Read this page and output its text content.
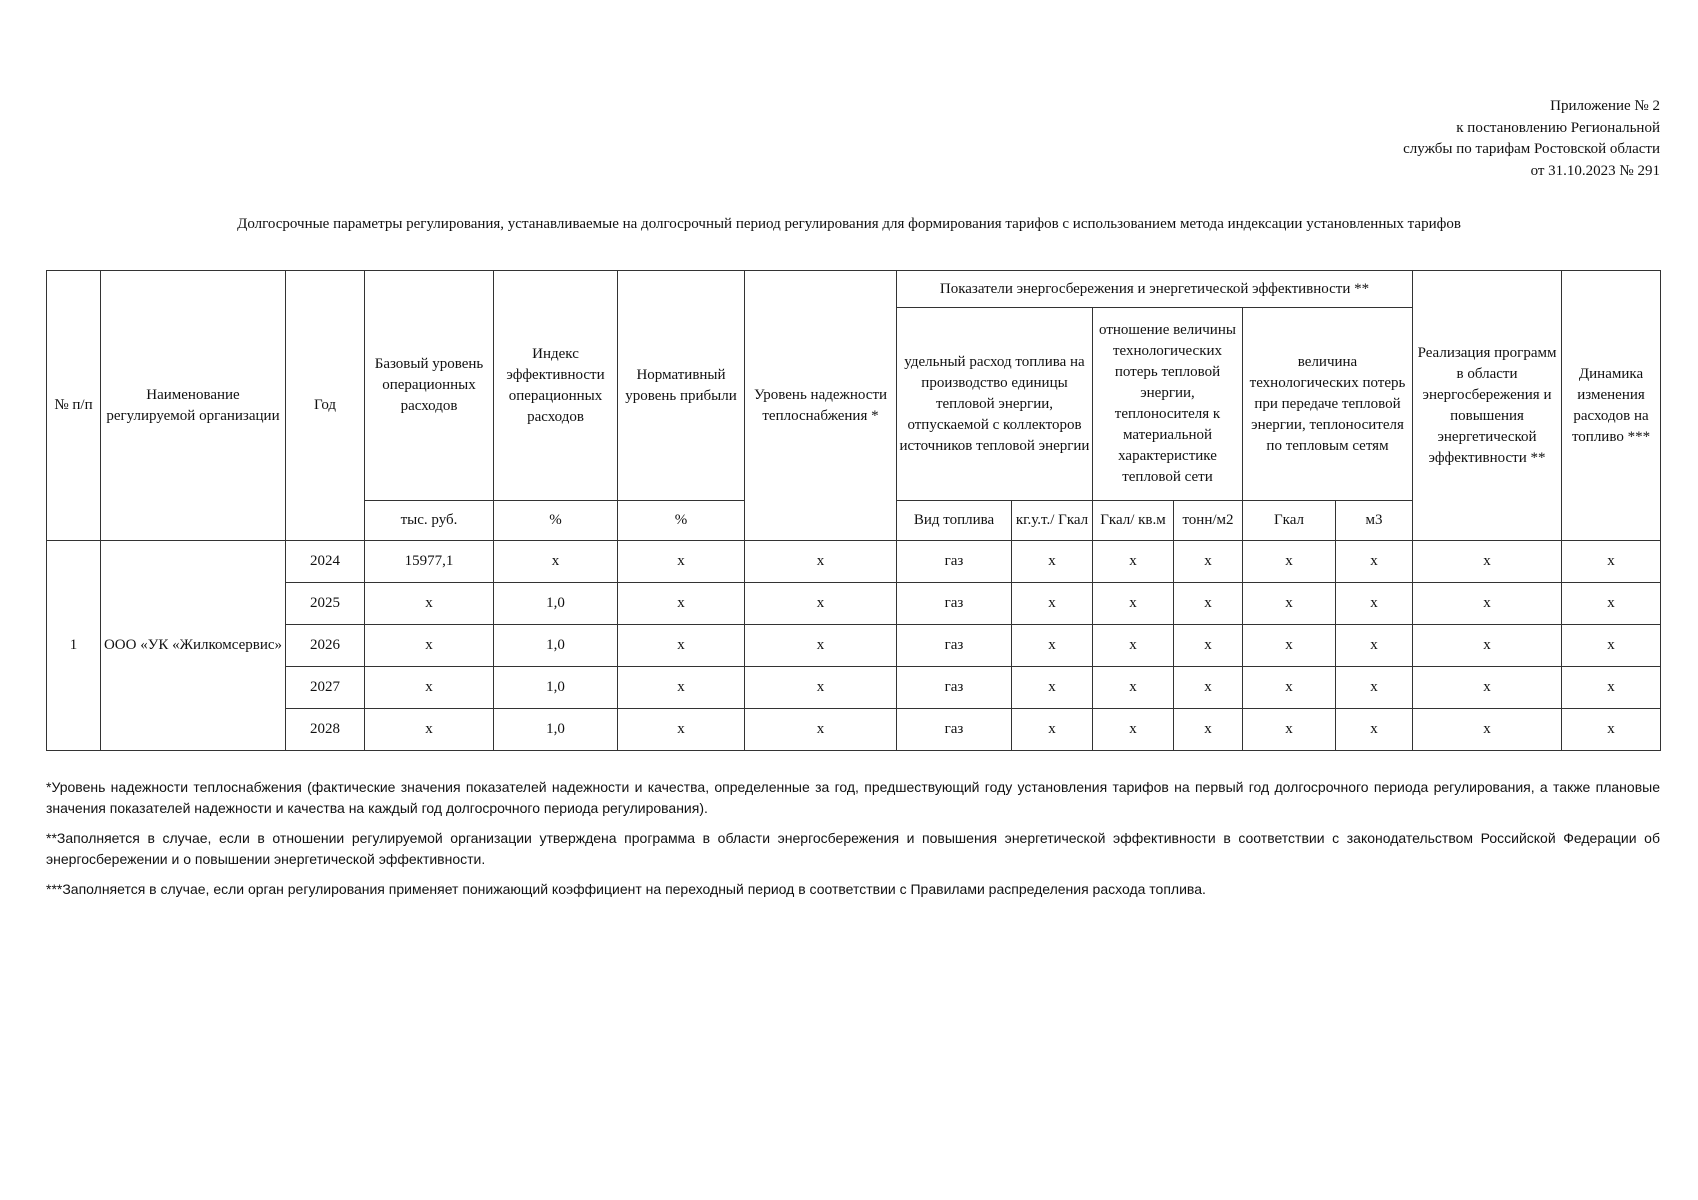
Приложение № 2
к постановлению Региональной
службы по тарифам Ростовской области
от 31.10.2023 № 291
Долгосрочные параметры регулирования, устанавливаемые на долгосрочный период регулирования для формирования тарифов с использованием метода индексации установленных тарифов
№ п/п	Наименование регулируемой организации	Год	Базовый уровень операционных расходов	Индекс эффективности операционных расходов	Нормативный уровень прибыли	Уровень надежности теплоснабжения *	Показатели энергосбережения и энергетической эффективности **						Реализация программ в области энергосбережения и повышения энергетической эффективности **	Динамика изменения расходов на топливо ***
							удельный расход топлива на производство единицы тепловой энергии, отпускаемой с коллекторов источников тепловой энергии		отношение величины технологических потерь тепловой энергии, теплоносителя к материальной характеристике тепловой сети		величина технологических потерь при передаче тепловой энергии, теплоносителя по тепловым сетям			
			тыс. руб.	%	%		Вид топлива	кг.у.т./ Гкал	Гкал/ кв.м	тонн/м2	Гкал	м3		
1	ООО «УК «Жилкомсервис»	2024	15977,1	х	х	х	газ	х	х	х	х	х	х	х
		2025	х	1,0	х	х	газ	х	х	х	х	х	х	х
		2026	х	1,0	х	х	газ	х	х	х	х	х	х	х
		2027	х	1,0	х	х	газ	х	х	х	х	х	х	х
		2028	х	1,0	х	х	газ	х	х	х	х	х	х	х

*Уровень надежности теплоснабжения (фактические значения показателей надежности и качества, определенные за год, предшествующий году установления тарифов на первый год долгосрочного периода регулирования, а также плановые значения показателей надежности и качества на каждый год долгосрочного периода регулирования).

**Заполняется в случае, если в отношении регулируемой организации утверждена программа в области энергосбережения и повышения энергетической эффективности в соответствии с законодательством Российской Федерации об энергосбережении и о повышении энергетической эффективности.

***Заполняется в случае, если орган регулирования применяет понижающий коэффициент на переходный период в соответствии с Правилами распределения расхода топлива.
